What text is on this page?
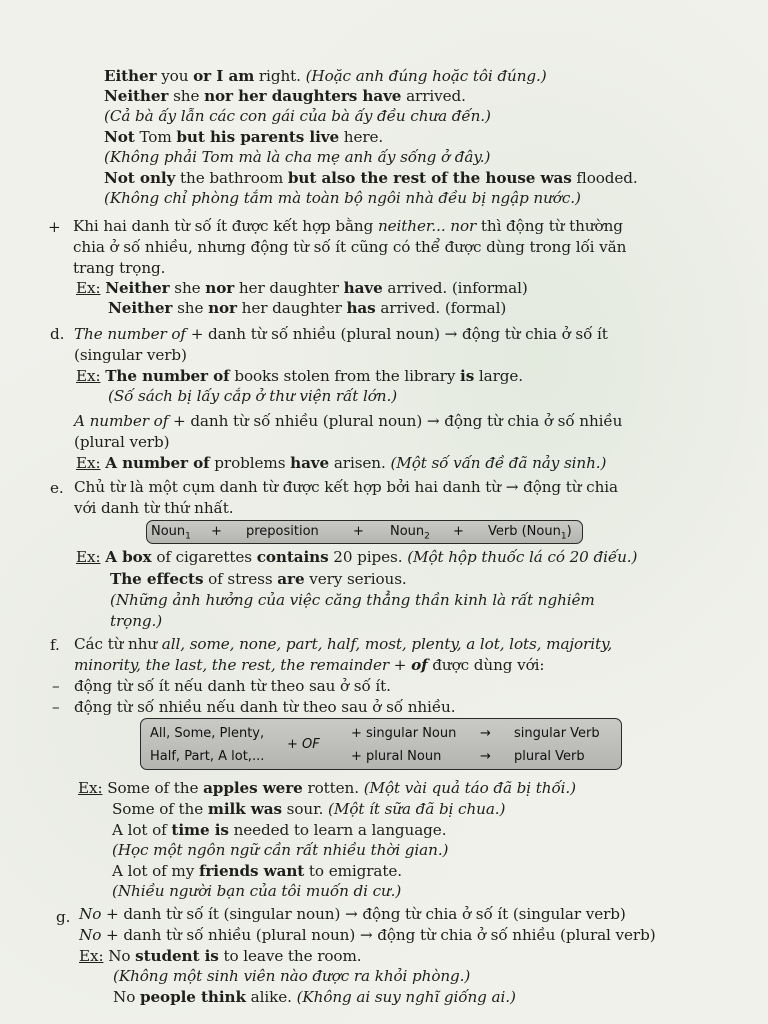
Either you or I am right. (Hoặc anh đúng hoặc tôi đúng.)
Neither she nor her daughters have arrived.
(Cả bà ấy lẫn các con gái của bà ấy đều chưa đến.)
Not Tom but his parents live here.
(Không phải Tom mà là cha mẹ anh ấy sống ở đây.)
Not only the bathroom but also the rest of the house was flooded.
(Không chỉ phòng tắm mà toàn bộ ngôi nhà đều bị ngập nước.)
+ Khi hai danh từ số ít được kết hợp bằng neither... nor thì động từ thường
chia ở số nhiều, nhưng động từ số ít cũng có thể được dùng trong lối văn
trang trọng.
Ex: Neither she nor her daughter have arrived. (informal)
Neither she nor her daughter has arrived. (formal)
d. The number of + danh từ số nhiều (plural noun) → động từ chia ở số ít
(singular verb)
Ex: The number of books stolen from the library is large.
(Số sách bị lấy cắp ở thư viện rất lớn.)
A number of + danh từ số nhiều (plural noun) → động từ chia ở số nhiều
(plural verb)
Ex: A number of problems have arisen. (Một số vấn đề đã nảy sinh.)
e. Chủ từ là một cụm danh từ được kết hợp bởi hai danh từ → động từ chia
với danh từ thứ nhất.
Noun$_1$ + preposition	+ Noun$_2$ + Verb (Noun$_1$)
Ex: A box of cigarettes contains 20 pipes. (Một hộp thuốc lá có 20 điếu.)
The effects of stress are very serious.
(Những ảnh hưởng của việc căng thẳng thần kinh là rất nghiêm
trọng.)
f. Các từ như all, some, none, part, half, most, plenty, a lot, lots, majority,
minority, the last, the rest, the remainder + of được dùng với:
– động từ số ít nếu danh từ theo sau ở số ít.
– động từ số nhiều nếu danh từ theo sau ở số nhiều.
All, Some, Plenty,
Half, Part, A lot,...
+ OF
+ singular Noun → singular Verb
+ plural Noun	→ plural Verb
Ex: Some of the apples were rotten. (Một vài quả táo đã bị thối.)
Some of the milk was sour. (Một ít sữa đã bị chua.)
A lot of time is needed to learn a language.
(Học một ngôn ngữ cần rất nhiều thời gian.)
A lot of my friends want to emigrate.
(Nhiều người bạn của tôi muốn di cư.)
g. No + danh từ số ít (singular noun) → động từ chia ở số ít (singular verb)
No + danh từ số nhiều (plural noun) → động từ chia ở số nhiều (plural verb)
Ex: No student is to leave the room.
(Không một sinh viên nào được ra khỏi phòng.)
No people think alike. (Không ai suy nghĩ giống ai.)
